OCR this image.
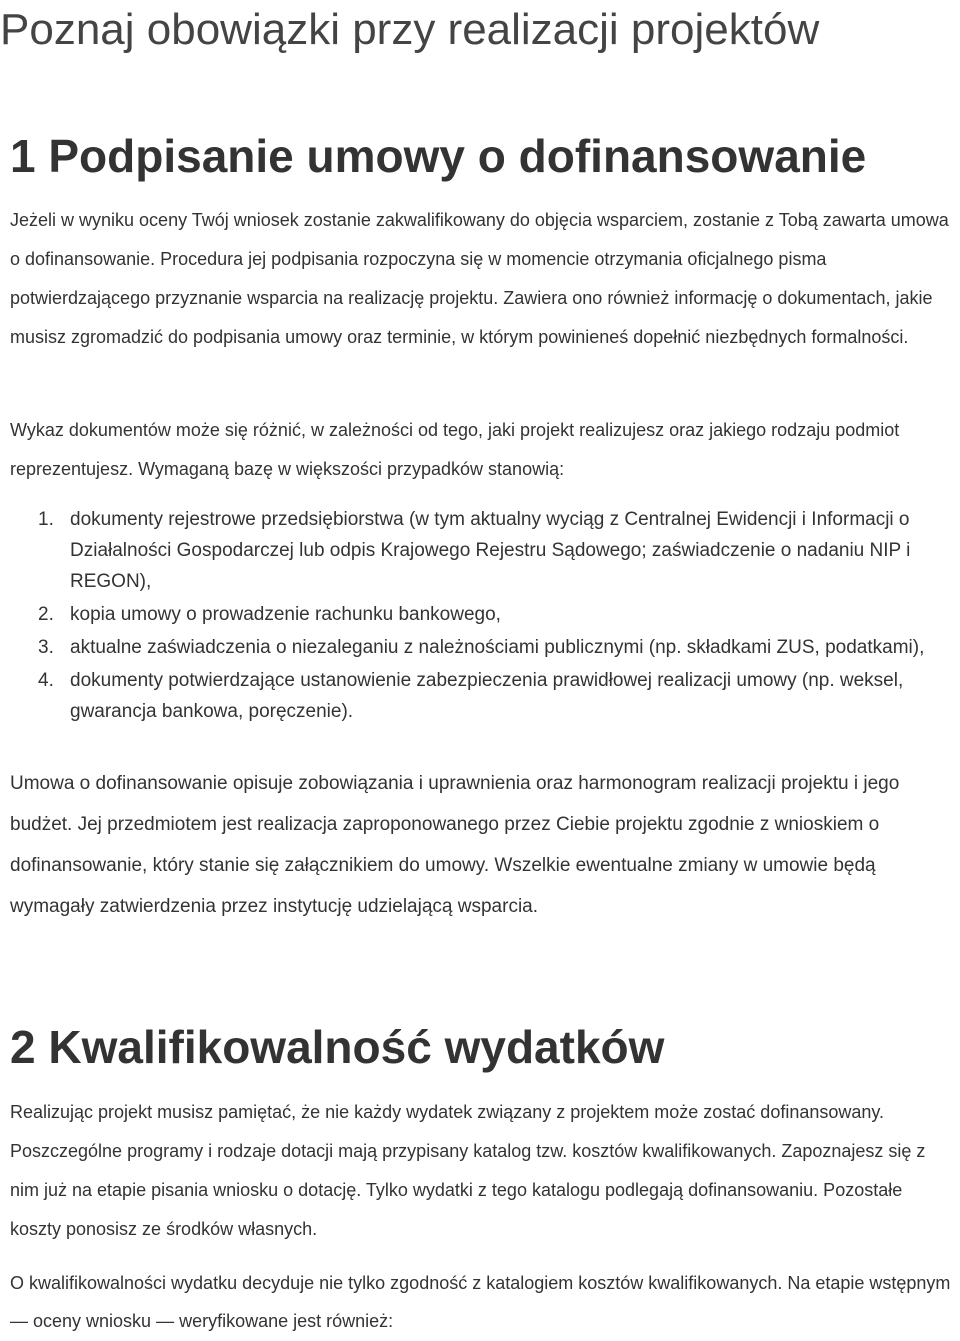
Poznaj obowiązki przy realizacji projektów
1 Podpisanie umowy o dofinansowanie

Jeżeli w wyniku oceny Twój wniosek zostanie zakwalifikowany do objęcia wsparciem, zostanie z Tobą zawarta umowa o dofinansowanie. Procedura jej podpisania rozpoczyna się w momencie otrzymania oficjalnego pisma potwierdzającego przyznanie wsparcia na realizację projektu. Zawiera ono również informację o dokumentach, jakie musisz zgromadzić do podpisania umowy oraz terminie, w którym powinieneś dopełnić niezbędnych formalności.

Wykaz dokumentów może się różnić, w zależności od tego, jaki projekt realizujesz oraz jakiego rodzaju podmiot reprezentujesz. Wymaganą bazę w większości przypadków stanowią:

1. dokumenty rejestrowe przedsiębiorstwa (w tym aktualny wyciąg z Centralnej Ewidencji i Informacji o Działalności Gospodarczej lub odpis Krajowego Rejestru Sądowego; zaświadczenie o nadaniu NIP i REGON),
2. kopia umowy o prowadzenie rachunku bankowego,
3. aktualne zaświadczenia o niezaleganiu z należnościami publicznymi (np. składkami ZUS, podatkami),
4. dokumenty potwierdzające ustanowienie zabezpieczenia prawidłowej realizacji umowy (np. weksel, gwarancja bankowa, poręczenie).

Umowa o dofinansowanie opisuje zobowiązania i uprawnienia oraz harmonogram realizacji projektu i jego budżet. Jej przedmiotem jest realizacja zaproponowanego przez Ciebie projektu zgodnie z wnioskiem o dofinansowanie, który stanie się załącznikiem do umowy. Wszelkie ewentualne zmiany w umowie będą wymagały zatwierdzenia przez instytucję udzielającą wsparcia.

2 Kwalifikowalność wydatków

Realizując projekt musisz pamiętać, że nie każdy wydatek związany z projektem może zostać dofinansowany. Poszczególne programy i rodzaje dotacji mają przypisany katalog tzw. kosztów kwalifikowanych. Zapoznajesz się z nim już na etapie pisania wniosku o dotację. Tylko wydatki z tego katalogu podlegają dofinansowaniu. Pozostałe koszty ponosisz ze środków własnych.

O kwalifikowalności wydatku decyduje nie tylko zgodność z katalogiem kosztów kwalifikowanych. Na etapie wstępnym — oceny wniosku — weryfikowane jest również:
